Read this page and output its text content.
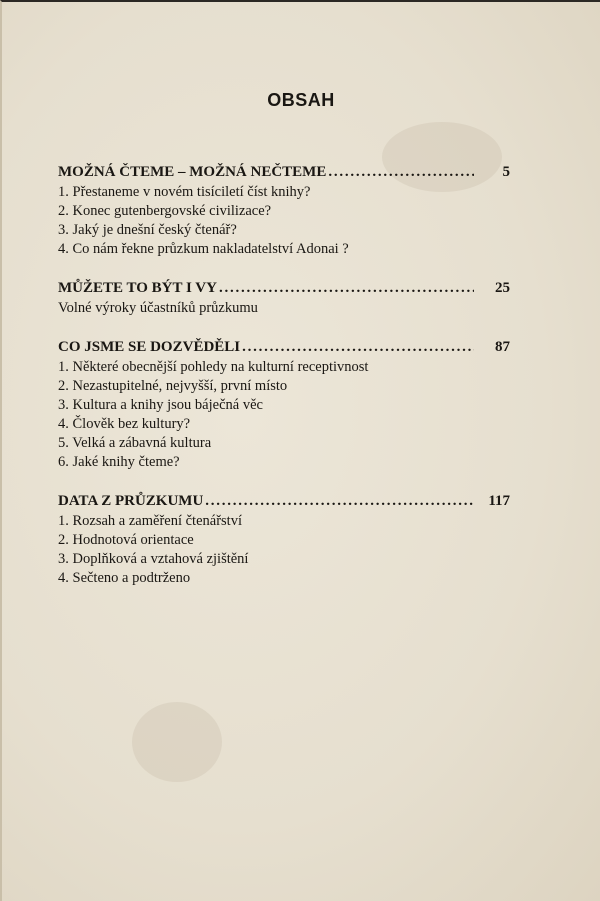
OBSAH
MOŽNÁ ČTEME – MOŽNÁ NEČTEME . . .	5
1. Přestaneme v novém tisíciletí číst knihy?
2. Konec gutenbergovské civilizace?
3. Jaký je dnešní český čtenář?
4. Co nám řekne průzkum nakladatelství Adonai ?
MŮŽETE TO BÝT I VY . . .	25
Volné výroky účastníků průzkumu
CO JSME SE DOZVĚDĚLI . . .	87
1. Některé obecnější pohledy na kulturní receptivnost
2. Nezastupitelné, nejvyšší, první místo
3. Kultura a knihy jsou báječná věc
4. Člověk bez kultury?
5. Velká a zábavná kultura
6. Jaké knihy čteme?
DATA Z PRŮZKUMU . . .	117
1. Rozsah a zaměření čtenářství
2. Hodnotová orientace
3. Doplňková a vztahová zjištění
4. Sečteno a podtrženo
